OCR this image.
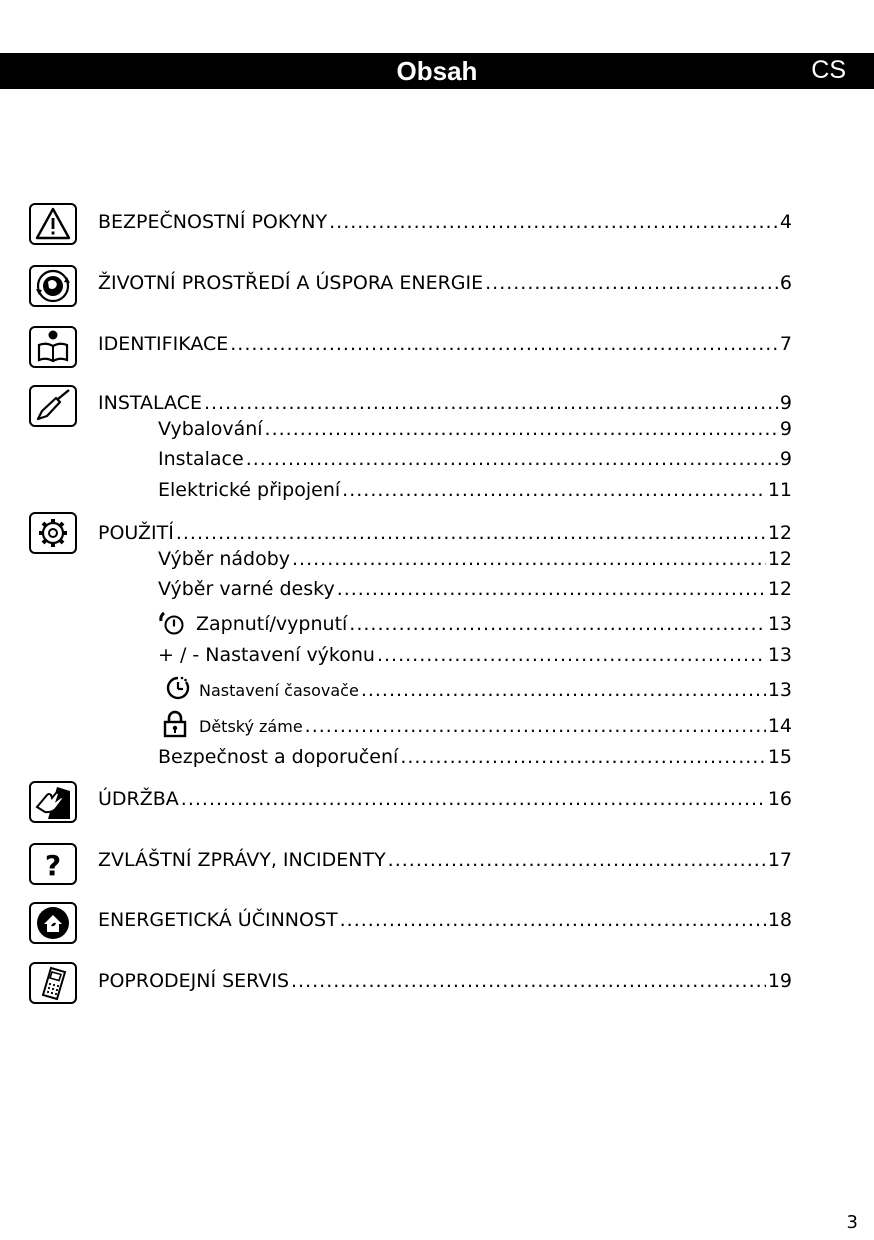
Obsah	CS
?
BEZPEČNOSTNÍ POKYNY .....	4
ŽIVOTNÍ PROSTŘEDÍ A ÚSPORA ENERGIE .....	6
IDENTIFIKACE .....	7
INSTALACE .....	9
Vybalování .....	9
Instalace .....	9
Elektrické připojení .....	11
POUŽITÍ .....	12
Výběr nádoby .....	12
Výběr varné desky .....	12
Zapnutí/vypnutí .....	13
+ / - Nastavení výkonu .....	13
Nastavení časovače .....	13
Dětský záme .....	14
Bezpečnost a doporučení .....	15
ÚDRŽBA .....	16
ZVLÁŠTNÍ ZPRÁVY, INCIDENTY .....	17
ENERGETICKÁ ÚČINNOST .....	18
POPRODEJNÍ SERVIS .....	19
3
